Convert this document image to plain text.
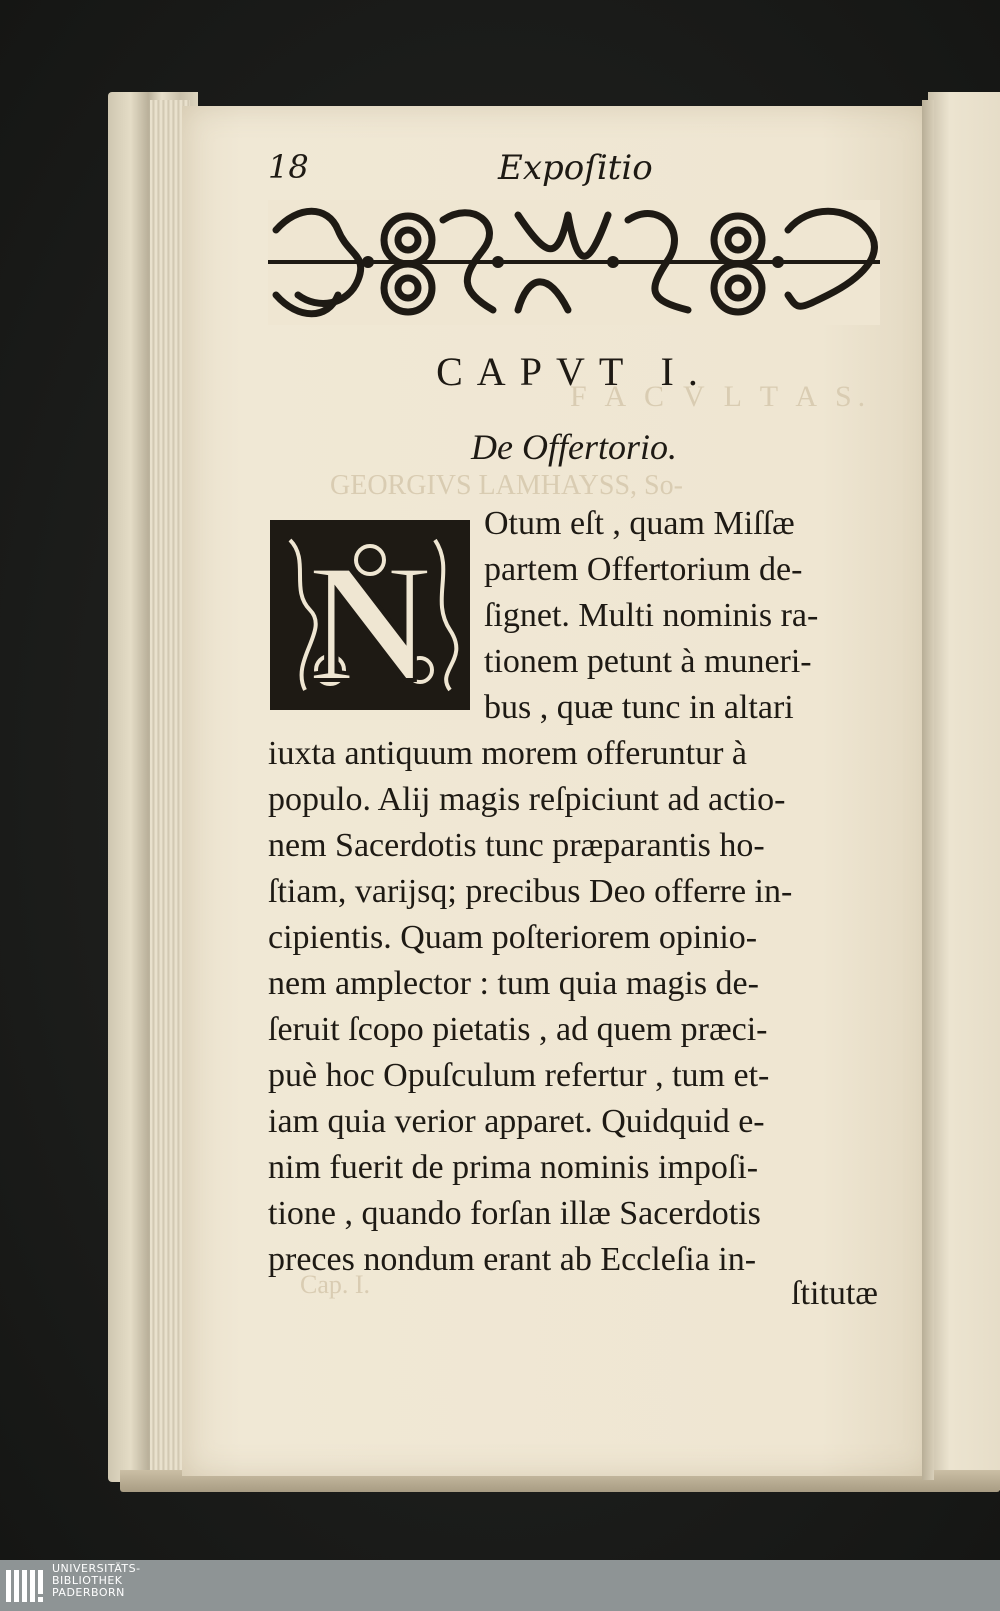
F A C V L T A S.
GEORGIVS LAMHAYSS, So-
18	Expoſitio
CAPVT I.
De Offertorio.
N
Otum eſt , quam Miſſæ
partem Offertorium de-
ſignet. Multi nominis ra-
tionem petunt à muneri-
bus , quæ tunc in altari
iuxta antiquum morem offeruntur à
populo. Alij magis reſpiciunt ad actio-
nem Sacerdotis tunc præparantis ho-
ſtiam, varijsq; precibus Deo offerre in-
cipientis. Quam poſteriorem opinio-
nem amplector : tum quia magis de-
ſeruit ſcopo pietatis , ad quem præci-
puè hoc Opuſculum refertur , tum et-
iam quia verior apparet. Quidquid e-
nim fuerit de prima nominis impoſi-
tione , quando forſan illæ Sacerdotis
preces nondum erant ab Eccleſia in-
ſtitutæ
Cap. I.
UNIVERSITÄTS-
BIBLIOTHEK
PADERBORN
